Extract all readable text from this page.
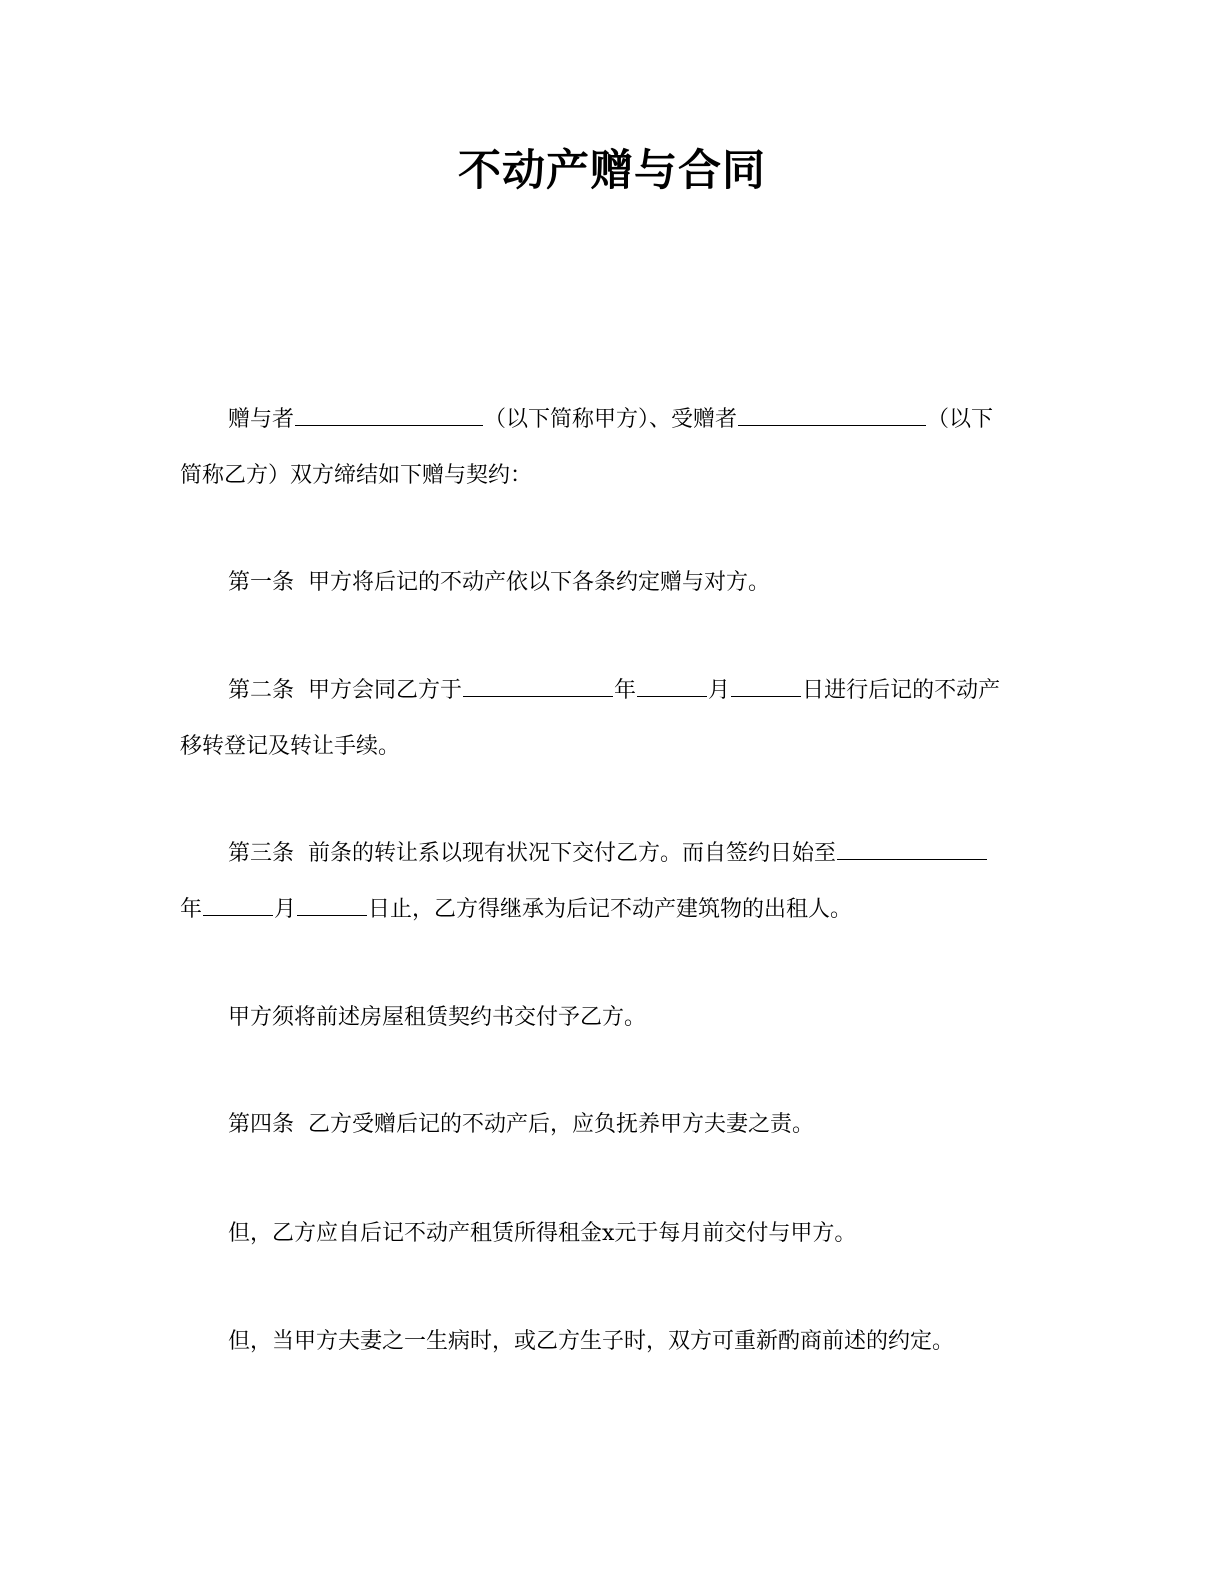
不动产赠与合同
赠与者	（以下简称甲方）、受赠者	（以下
简称乙方）双方缔结如下赠与契约：
第一条 甲方将后记的不动产依以下各条约定赠与对方。
第二条 甲方会同乙方于	年	月	日进行后记的不动产
移转登记及转让手续。
第三条 前条的转让系以现有状况下交付乙方。而自签约日始至
年	月	日止，乙方得继承为后记不动产建筑物的出租人。
甲方须将前述房屋租赁契约书交付予乙方。
第四条 乙方受赠后记的不动产后，应负抚养甲方夫妻之责。
但，乙方应自后记不动产租赁所得租金x元于每月前交付与甲方。
但，当甲方夫妻之一生病时，或乙方生子时，双方可重新酌商前述的约定。
